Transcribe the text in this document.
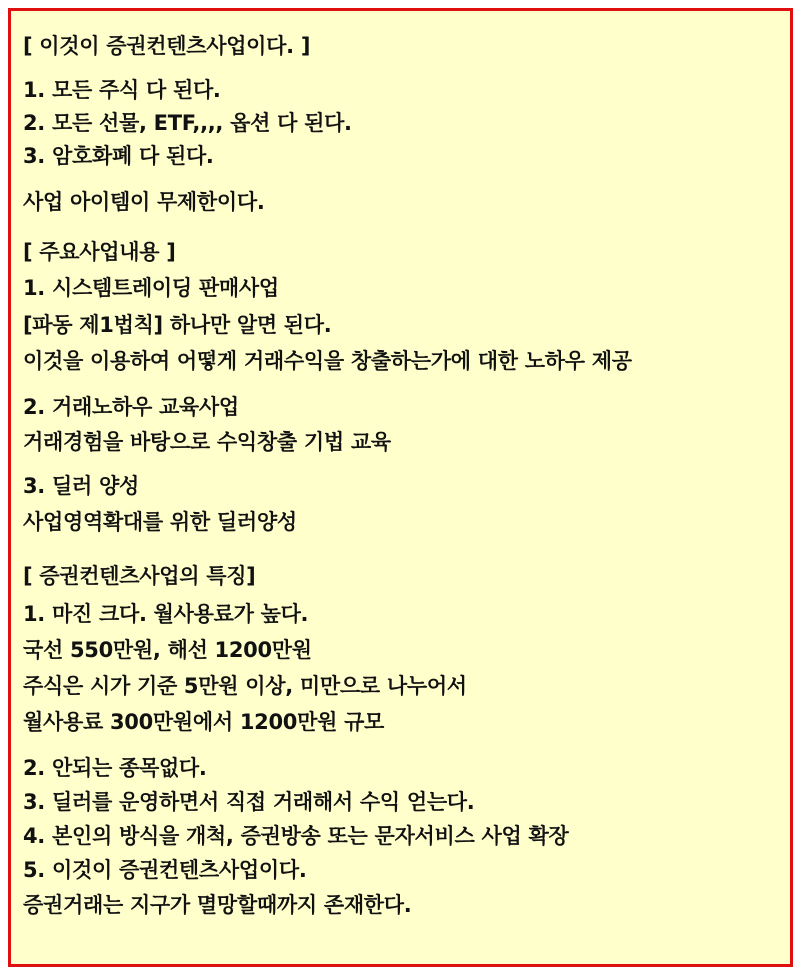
[ 이것이 증권컨텐츠사업이다. ]

1. 모든 주식 다 된다.

2. 모든 선물, ETF,,,, 옵션 다 된다.

3. 암호화폐 다 된다.

사업 아이템이 무제한이다.

[ 주요사업내용 ]

1. 시스템트레이딩 판매사업

[파동 제1법칙] 하나만 알면 된다.

이것을 이용하여 어떻게 거래수익을 창출하는가에 대한 노하우 제공

2. 거래노하우 교육사업

거래경험을 바탕으로 수익창출 기법 교육

3. 딜러 양성

사업영역확대를 위한 딜러양성

[ 증권컨텐츠사업의 특징]

1. 마진 크다. 월사용료가 높다.

국선 550만원, 해선 1200만원

주식은 시가 기준 5만원 이상, 미만으로 나누어서

월사용료 300만원에서 1200만원 규모

2. 안되는 종목없다.

3. 딜러를 운영하면서 직접 거래해서 수익 얻는다.

4. 본인의 방식을 개척, 증권방송 또는 문자서비스 사업 확장

5. 이것이 증권컨텐츠사업이다.

증권거래는 지구가 멸망할때까지 존재한다.
